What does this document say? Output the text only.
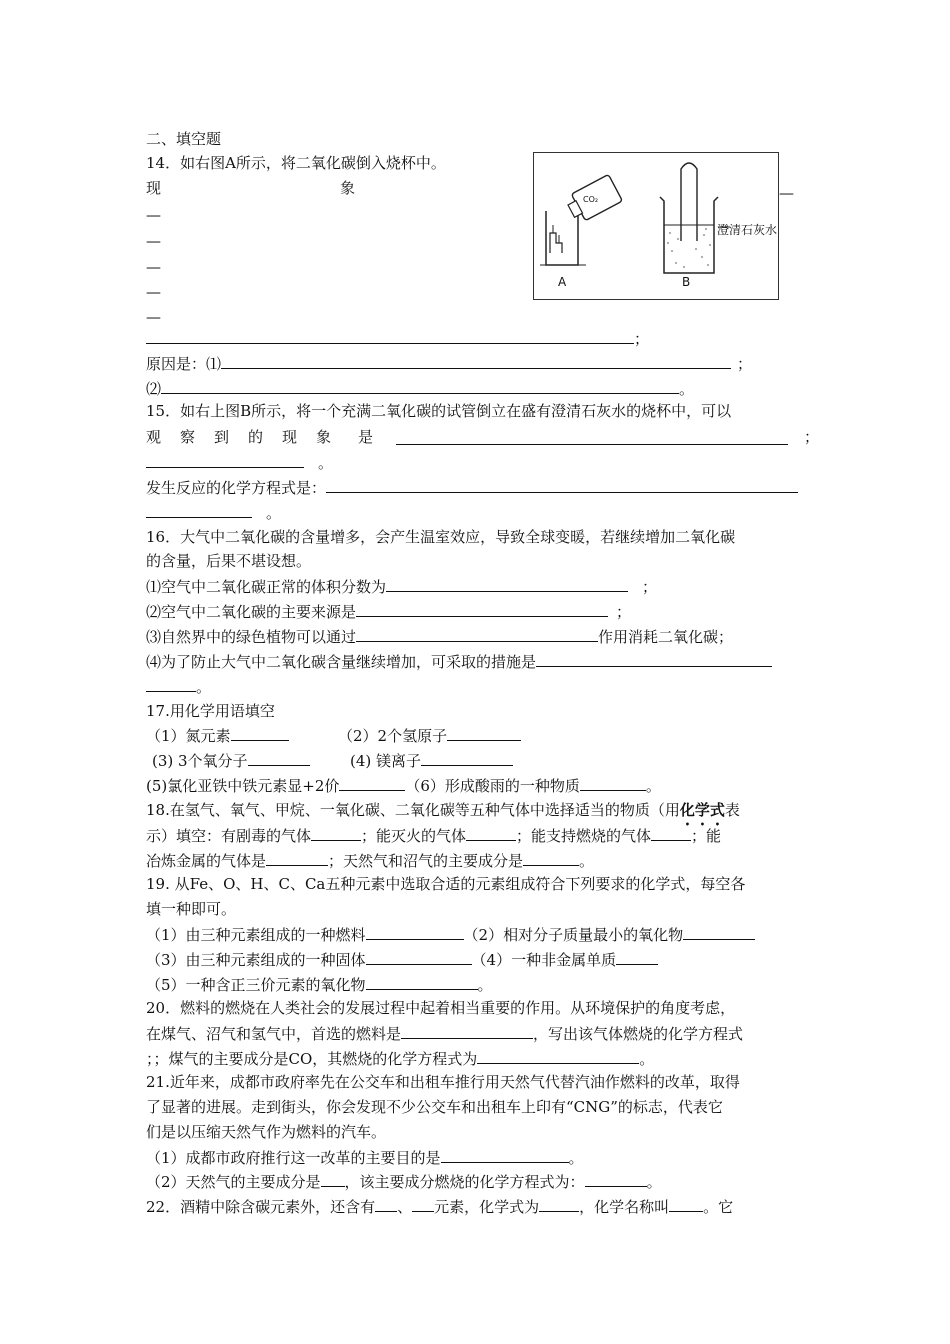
二、填空题
14．如右图A所示，将二氧化碳倒入烧杯中。
现	象
—
—
—
—
—
—
；
原因是：⑴	；
⑵	。
CO₂
澄清石灰水
A	B
15．如右上图B所示，将一个充满二氧化碳的试管倒立在盛有澄清石灰水的烧杯中，可以
观 察 到 的 现 象 是	；
。
发生反应的化学方程式是：
。
16．大气中二氧化碳的含量增多，会产生温室效应，导致全球变暖，若继续增加二氧化碳
的含量，后果不堪设想。
⑴空气中二氧化碳正常的体积分数为	；
⑵空气中二氧化碳的主要来源是	；
⑶自然界中的绿色植物可以通过	作用消耗二氧化碳；
⑷为了防止大气中二氧化碳含量继续增加，可采取的措施是
。
17.用化学用语填空
（1）氮元素	（2）2个氢原子
(3) 3个氧分子	(4) 镁离子
(5)氯化亚铁中铁元素显+2价	（6）形成酸雨的一种物质	。
18.在氢气、氧气、甲烷、一氧化碳、二氧化碳等五种气体中选择适当的物质（用化学式表
示）填空：有剧毒的气体	；能灭火的气体	；能支持燃烧的气体	；能
冶炼金属的气体是	；天然气和沼气的主要成分是	。
19. 从Fe、O、H、C、Ca五种元素中选取合适的元素组成符合下列要求的化学式，每空各
填一种即可。
（1）由三种元素组成的一种燃料	（2）相对分子质量最小的氧化物
（3）由三种元素组成的一种固体	（4）一种非金属单质
（5）一种含正三价元素的氧化物	。
20．燃料的燃烧在人类社会的发展过程中起着相当重要的作用。从环境保护的角度考虑，
在煤气、沼气和氢气中，首选的燃料是	，写出该气体燃烧的化学方程式
；；煤气的主要成分是CO，其燃烧的化学方程式为	。
21.近年来，成都市政府率先在公交车和出租车推行用天然气代替汽油作燃料的改革，取得
了显著的进展。走到街头，你会发现不少公交车和出租车上印有“CNG”的标志，代表它
们是以压缩天然气作为燃料的汽车。
（1）成都市政府推行这一改革的主要目的是	。
（2）天然气的主要成分是 ，该主要成分燃烧的化学方程式为：	。
22．酒精中除含碳元素外，还含有 、 元素，化学式为	，化学名称叫 。它
